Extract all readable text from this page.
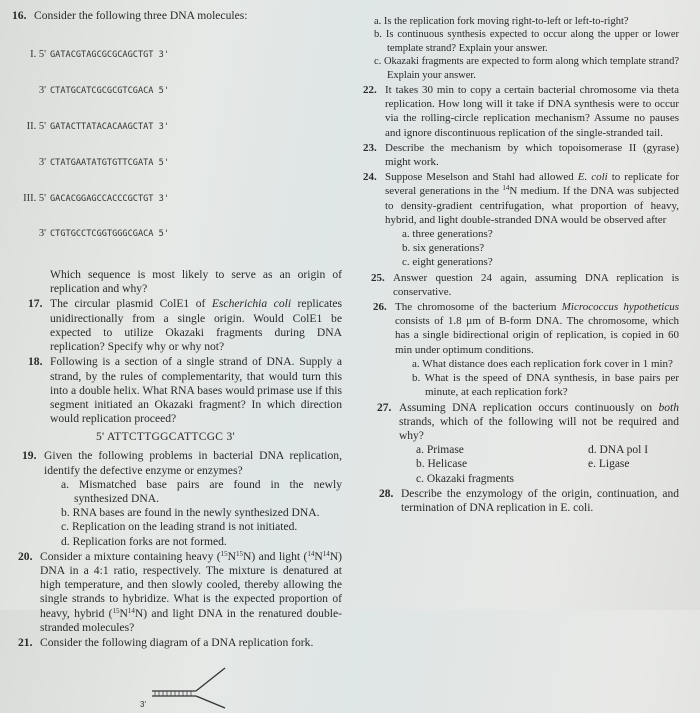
16. Consider the following three DNA molecules:

I. 5' GATACGTAGCGCGCAGCTGT 3'

3' CTATGCATCGCGCGTCGACA 5'

II. 5' GATACTTATACACAAGCTAT 3'

3' CTATGAATATGTGTTCGATA 5'

III. 5' GACACGGAGCCACCCGCTGT 3'

3' CTGTGCCTCGGTGGGCGACA 5'

Which sequence is most likely to serve as an origin of replication and why?
17. The circular plasmid ColE1 of Escherichia coli replicates unidirectionally from a single origin. Would ColE1 be expected to utilize Okazaki fragments during DNA replication? Specify why or why not?
18. Following is a section of a single strand of DNA. Supply a strand, by the rules of complementarity, that would turn this into a double helix. What RNA bases would primase use if this segment initiated an Okazaki fragment? In which direction would replication proceed?
5' ATTCTTGGCATTCGC 3'
19. Given the following problems in bacterial DNA replication, identify the defective enzyme or enzymes?
a. Mismatched base pairs are found in the newly synthesized DNA.
b. RNA bases are found in the newly synthesized DNA.
c. Replication on the leading strand is not initiated.
d. Replication forks are not formed.
20. Consider a mixture containing heavy $(^{15}N^{15}N)$ and light $(^{14}N^{14}N)$ DNA in a 4:1 ratio, respectively. The mixture is denatured at high temperature, and then slowly cooled, thereby allowing the single strands to hybridize. What is the expected proportion of heavy, hybrid $(^{15}N^{14}N)$ and light DNA in the renatured double-stranded molecules?
21. Consider the following diagram of a DNA replication fork.
3'
a. Is the replication fork moving right-to-left or left-to-right?
b. Is continuous synthesis expected to occur along the upper or lower template strand? Explain your answer.
c. Okazaki fragments are expected to form along which template strand? Explain your answer.
22. It takes 30 min to copy a certain bacterial chromosome via theta replication. How long will it take if DNA synthesis were to occur via the rolling-circle replication mechanism? Assume no pauses and ignore discontinuous replication of the single-stranded tail.
23. Describe the mechanism by which topoisomerase II (gyrase) might work.
24. Suppose Meselson and Stahl had allowed E. coli to replicate for several generations in the $^{14}$N medium. If the DNA was subjected to density-gradient centrifugation, what proportion of heavy, hybrid, and light double-stranded DNA would be observed after
a. three generations?
b. six generations?
c. eight generations?
25. Answer question 24 again, assuming DNA replication is conservative.
26. The chromosome of the bacterium Micrococcus hypotheticus consists of 1.8 µm of B-form DNA. The chromosome, which has a single bidirectional origin of replication, is copied in 60 min under optimum conditions.
a. What distance does each replication fork cover in 1 min?
b. What is the speed of DNA synthesis, in base pairs per minute, at each replication fork?
27. Assuming DNA replication occurs continuously on both strands, which of the following will not be required and why?
a. Primase
b. Helicase
c. Okazaki fragments
d. DNA pol I
e. Ligase
28. Describe the enzymology of the origin, continuation, and termination of DNA replication in E. coli.
